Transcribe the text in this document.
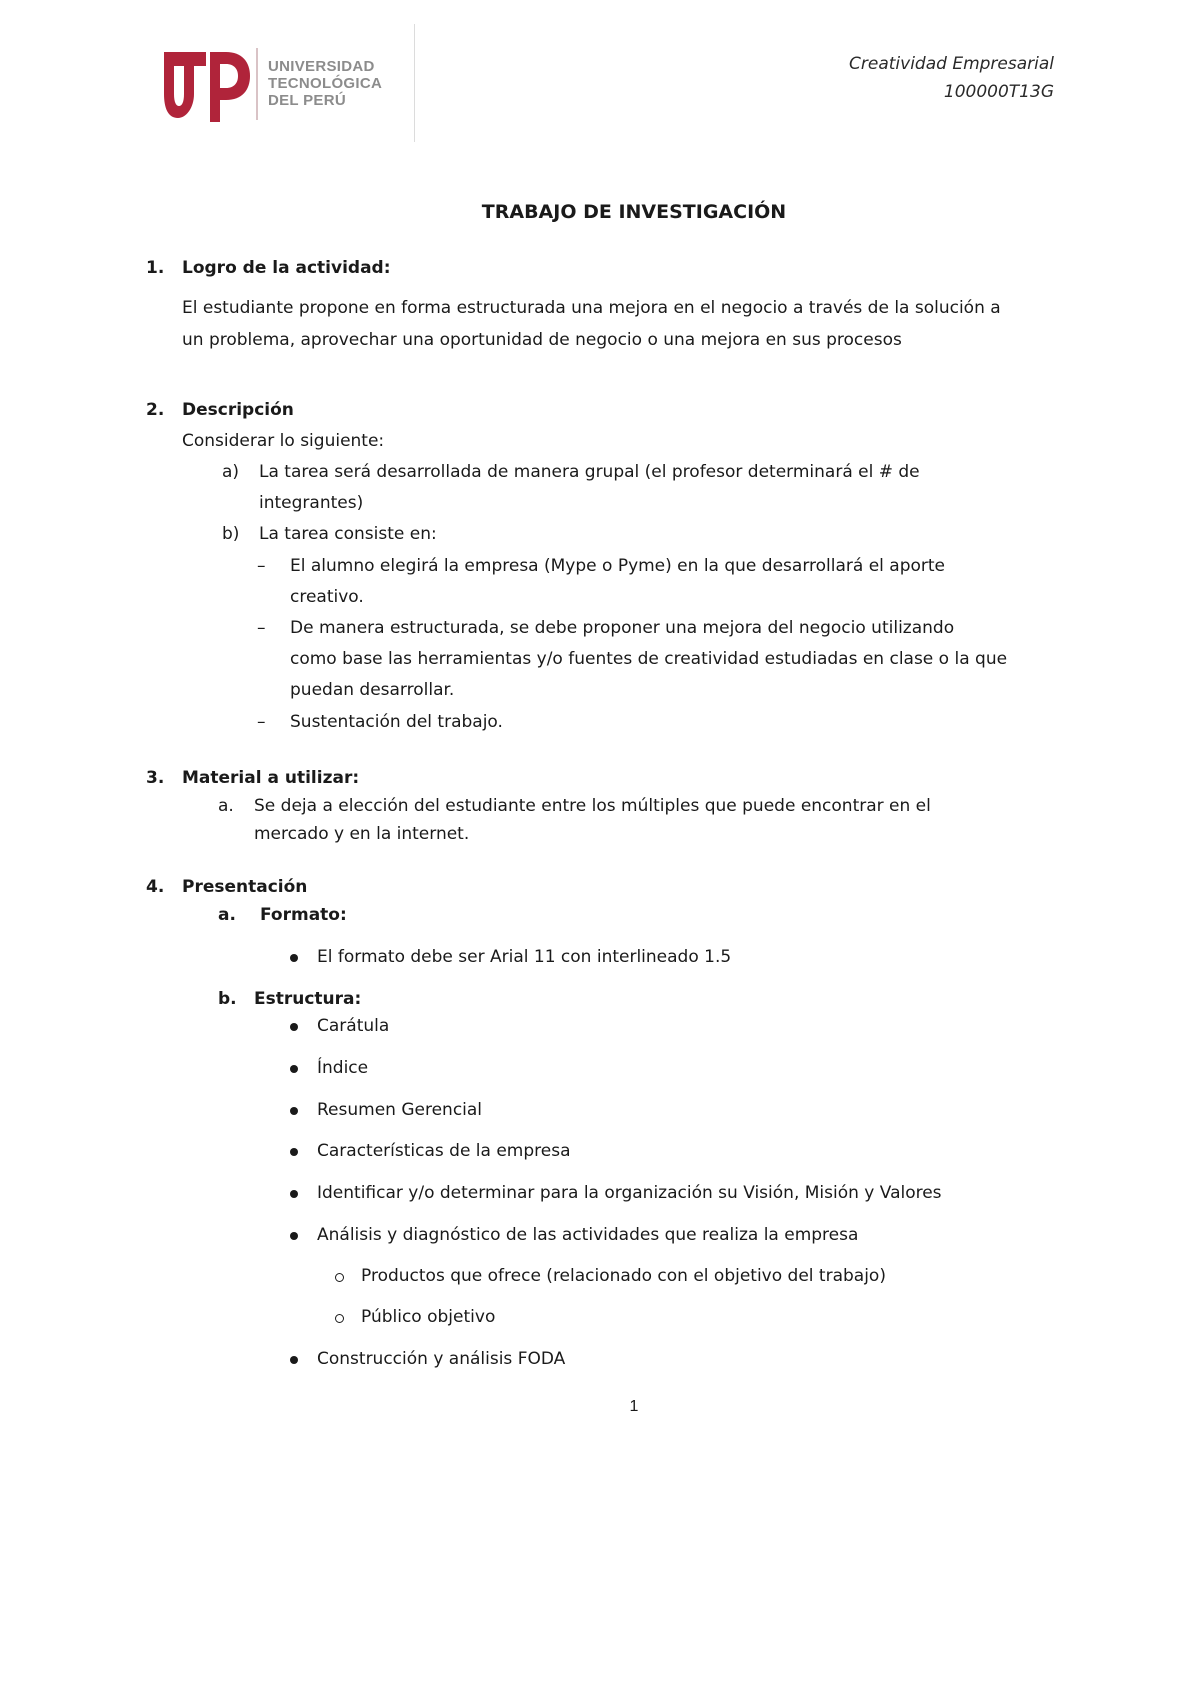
UNIVERSIDAD
TECNOLÓGICA
DEL PERÚ
Creatividad Empresarial
100000T13G
TRABAJO DE INVESTIGACIÓN
1. Logro de la actividad:
El estudiante propone en forma estructurada una mejora en el negocio a través de la solución a
un problema, aprovechar una oportunidad de negocio o una mejora en sus procesos
2. Descripción
Considerar lo siguiente:
a) La tarea será desarrollada de manera grupal (el profesor determinará el # de
integrantes)
b) La tarea consiste en:
– El alumno elegirá la empresa (Mype o Pyme) en la que desarrollará el aporte
creativo.
– De manera estructurada, se debe proponer una mejora del negocio utilizando
como base las herramientas y/o fuentes de creatividad estudiadas en clase o la que
puedan desarrollar.
– Sustentación del trabajo.
3. Material a utilizar:
a. Se deja a elección del estudiante entre los múltiples que puede encontrar en el
mercado y en la internet.
4. Presentación
a. Formato:
El formato debe ser Arial 11 con interlineado 1.5
b. Estructura:
Carátula
Índice
Resumen Gerencial
Características de la empresa
Identificar y/o determinar para la organización su Visión, Misión y Valores
Análisis y diagnóstico de las actividades que realiza la empresa
Productos que ofrece (relacionado con el objetivo del trabajo)
Público objetivo
Construcción y análisis FODA
1
